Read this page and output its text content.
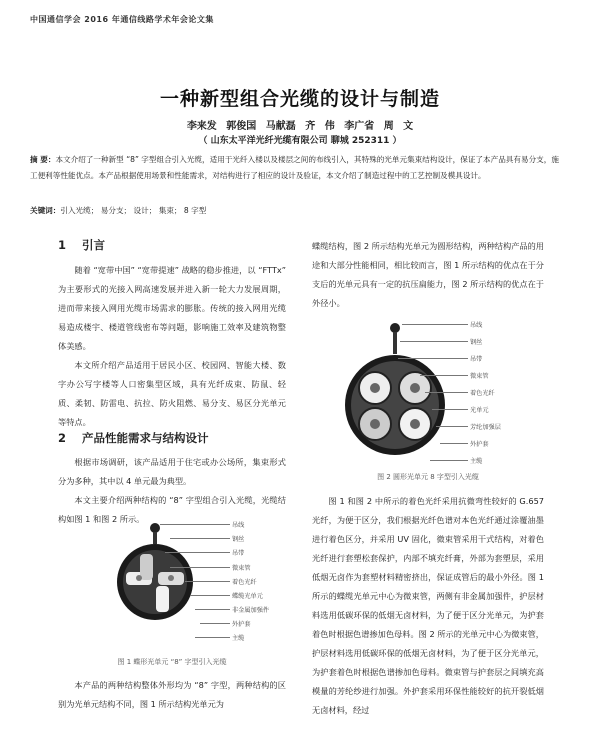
中国通信学会 2016 年通信线路学术年会论文集
一种新型组合光缆的设计与制造
李来发 郭俊国 马献磊 齐 伟 李广省 周 文
（ 山东太平洋光纤光缆有限公司 聊城 252311 ）
摘 要：本文介绍了一种新型 “8” 字型组合引入光缆，适用于光纤入楼以及楼层之间的布线引入，其特殊的光单元集束结构设计，保证了本产品具有易分支，施工便利等性能优点。本产品根据使用场景和性能需求，对结构进行了相应的设计及验证，本文介绍了制造过程中的工艺控制及模具设计。
关键词：引入光缆； 易分支； 设计； 集束； 8 字型
1 引言

随着 “宽带中国” “宽带提速” 战略的稳步推进，以 “FTTx” 为主要形式的光接入网高速发展并进入新一轮大力发展周期，进而带来接入网用光缆市场需求的膨胀。传统的接入网用光缆易造成楼宇、楼道管线密布等问题，影响施工效率及建筑物整体美感。

本文所介绍产品适用于居民小区、校园网、智能大楼、数字办公写字楼等人口密集型区域，具有光纤成束、防鼠、轻质、柔韧、防雷电、抗拉、防火阻燃、易分支、易区分光单元等特点。

2 产品性能需求与结构设计

根据市场调研，该产品适用于住宅或办公场所，集束形式分为多种，其中以 4 单元最为典型。

本文主要介绍两种结构的 “8” 字型组合引入光缆，光缆结构如图 1 和图 2 所示。

吊线
钢丝
吊带
微束管
着色光纤
蝶缆光单元
非金属加强件
外护套
主缆
图 1 蝶形光单元 “8” 字型引入光缆

本产品的两种结构整体外形均为 “8” 字型，两种结构的区别为光单元结构不同，图 1 所示结构光单元为

蝶缆结构，图 2 所示结构光单元为圆形结构，两种结构产品的用途和大部分性能相同，相比较而言，图 1 所示结构的优点在于分支后的光单元具有一定的抗压扁能力，图 2 所示结构的优点在于外径小。

吊线
钢丝
吊带
微束管
着色光纤
光单元
芳纶加强层
外护套
主缆
图 2 圆形光单元 8 字型引入光缆

图 1 和图 2 中所示的着色光纤采用抗微弯性较好的 G.657 光纤，为便于区分，我们根据光纤色谱对本色光纤通过涂覆油墨进行着色区分，并采用 UV 固化，微束管采用干式结构，对着色光纤进行套塑松套保护，内部不填充纤膏，外部为套塑层，采用低烟无卤作为套塑材料精密挤出，保证成管后的最小外径。图 1 所示的蝶缆光单元中心为微束管，两侧有非金属加强件，护层材料选用低碳环保的低烟无卤材料，为了便于区分光单元，为护套着色时根据色谱掺加色母料。图 2 所示的光单元中心为微束管，护层材料选用低碳环保的低烟无卤材料，为了便于区分光单元，为护套着色时根据色谱掺加色母料。微束管与护套层之间填充高模量的芳纶纱进行加强。外护套采用环保性能较好的抗开裂低烟无卤材料，经过
